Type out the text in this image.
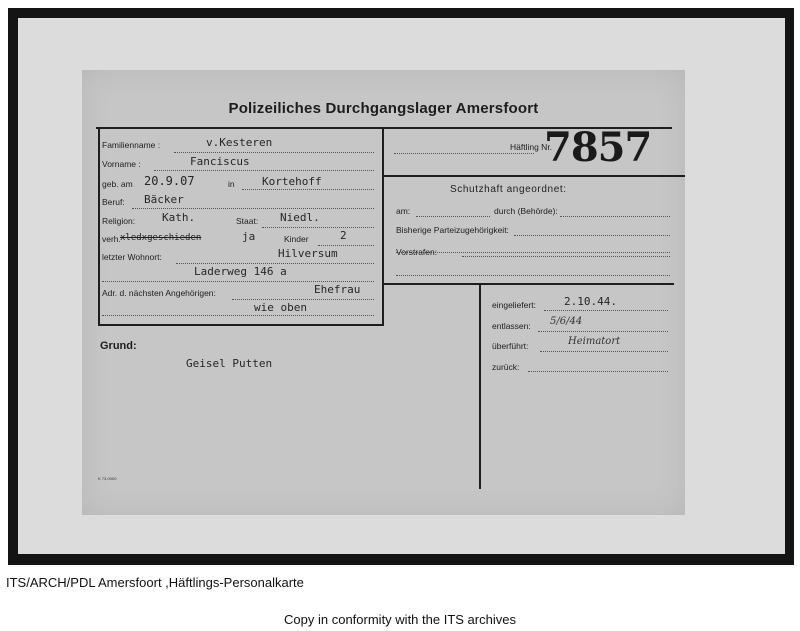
Polizeiliches Durchgangslager Amersfoort
Familienname :	v.Kesteren
Vorname :	Fanciscus
geb. am 20.9.07	in Kortehoff
Beruf: Bäcker
Religion: Kath.	Staat: Niedl.
verh. xledxgeschieden	ja	Kinder	2
letzter Wohnort:	Hilversum
Laderweg 146 a
Adr. d. nächsten Angehörigen:	Ehefrau
wie oben
Häftling Nr.
7857
Schutzhaft angeordnet:
am:	durch (Behörde):
Bisherige Parteizugehörigkeit:
Vorstrafen:
eingeliefert:	2.10.44.
entlassen: 5/6/44
überführt:	Heimatort
zurück:
Grund:
Geisel Putten
K 73-0000
ITS/ARCH/PDL Amersfoort ,Häftlings-Personalkarte
Copy in conformity with the ITS archives
